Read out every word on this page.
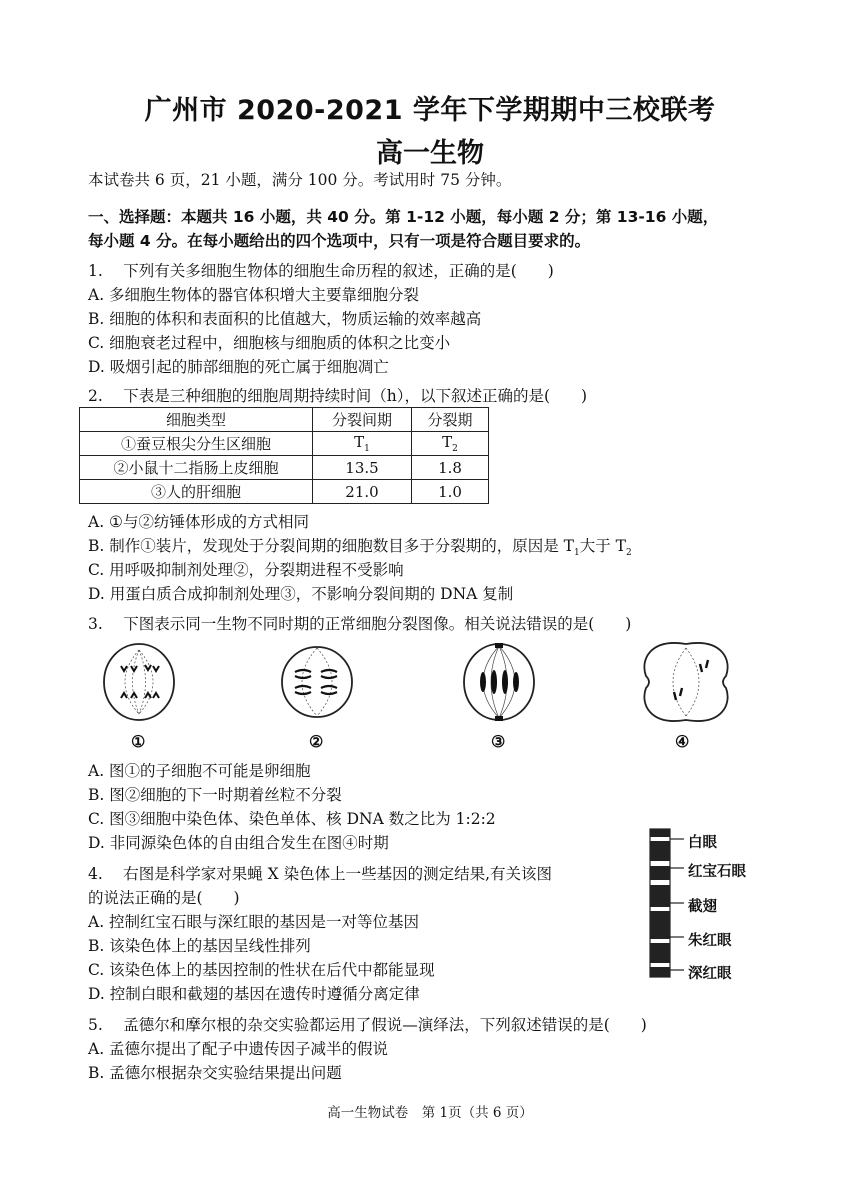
广州市 2020-2021 学年下学期期中三校联考
高一生物
本试卷共 6 页，21 小题，满分 100 分。考试用时 75 分钟。
一、选择题：本题共 16 小题，共 40 分。第 1-12 小题，每小题 2 分；第 13-16 小题，
每小题 4 分。在每小题给出的四个选项中，只有一项是符合题目要求的。
1.　 下列有关多细胞生物体的细胞生命历程的叙述，正确的是(　　)
A. 多细胞生物体的器官体积增大主要靠细胞分裂
B. 细胞的体积和表面积的比值越大，物质运输的效率越高
C. 细胞衰老过程中，细胞核与细胞质的体积之比变小
D. 吸烟引起的肺部细胞的死亡属于细胞凋亡
2.　 下表是三种细胞的细胞周期持续时间（h），以下叙述正确的是(　　)
细胞类型	分裂间期	分裂期
①蚕豆根尖分生区细胞	$T_1$	$T_2$
②小鼠十二指肠上皮细胞	13.5	1.8
③人的肝细胞	21.0	1.0
A. ①与②纺锤体形成的方式相同
B. 制作①装片，发现处于分裂间期的细胞数目多于分裂期的，原因是 $T_1$大于 $T_2$
C. 用呼吸抑制剂处理②，分裂期进程不受影响
D. 用蛋白质合成抑制剂处理③，不影响分裂间期的 DNA 复制
3.　 下图表示同一生物不同时期的正常细胞分裂图像。相关说法错误的是(　　)
①	②	③	④
A. 图①的子细胞不可能是卵细胞
B. 图②细胞的下一时期着丝粒不分裂
C. 图③细胞中染色体、染色单体、核 DNA 数之比为 1:2:2
D. 非同源染色体的自由组合发生在图④时期
4.　 右图是科学家对果蝇 X 染色体上一些基因的测定结果,有关该图
的说法正确的是(　　)
A. 控制红宝石眼与深红眼的基因是一对等位基因
B. 该染色体上的基因呈线性排列
C. 该染色体上的基因控制的性状在后代中都能显现
D. 控制白眼和截翅的基因在遗传时遵循分离定律
白眼
红宝石眼
截翅
朱红眼
深红眼
5.　 孟德尔和摩尔根的杂交实验都运用了假说—演绎法，下列叙述错误的是(　　)
A. 孟德尔提出了配子中遗传因子减半的假说
B. 孟德尔根据杂交实验结果提出问题
高一生物试卷　第 1页（共 6 页）
